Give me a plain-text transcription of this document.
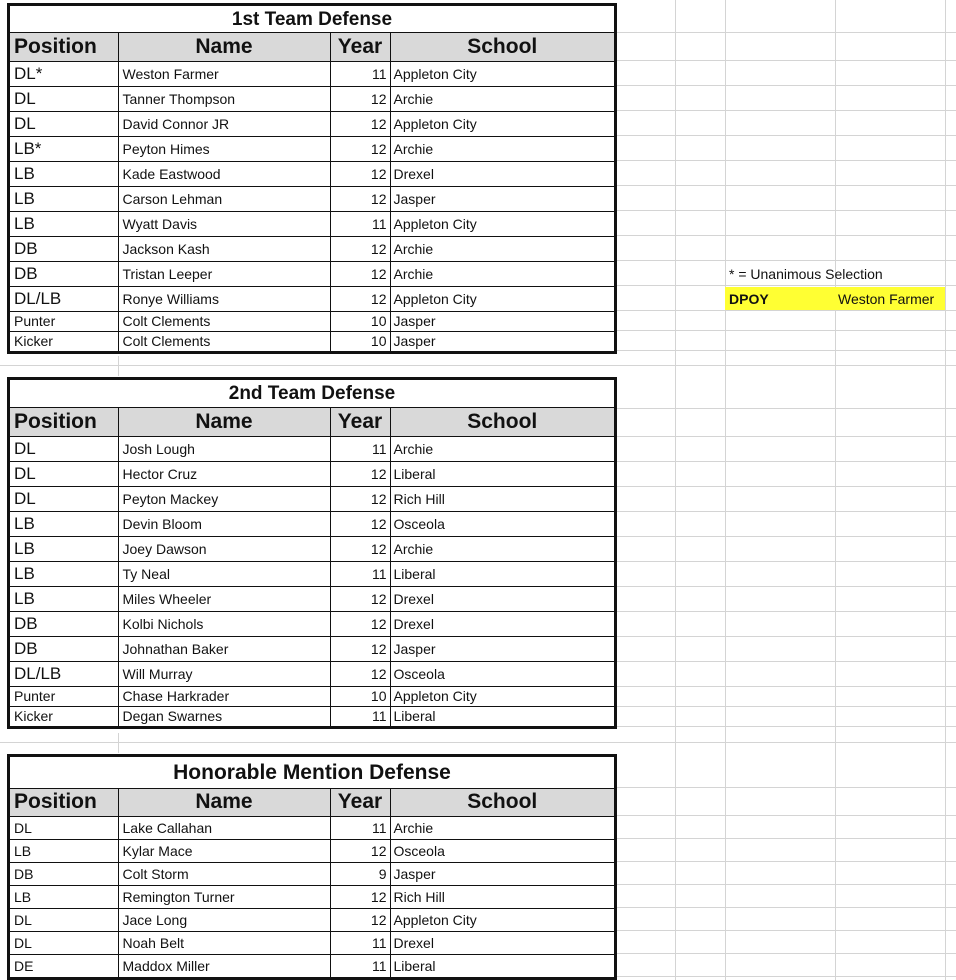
1st Team Defense
Position	Name	Year	School
DL*	Weston Farmer	11	Appleton City
DL	Tanner Thompson	12	Archie
DL	David Connor JR	12	Appleton City
LB*	Peyton Himes	12	Archie
LB	Kade Eastwood	12	Drexel
LB	Carson Lehman	12	Jasper
LB	Wyatt Davis	11	Appleton City
DB	Jackson Kash	12	Archie
DB	Tristan Leeper	12	Archie
DL/LB	Ronye Williams	12	Appleton City
Punter	Colt Clements	10	Jasper
Kicker	Colt Clements	10	Jasper
2nd Team Defense
Position	Name	Year	School
DL	Josh Lough	11	Archie
DL	Hector Cruz	12	Liberal
DL	Peyton Mackey	12	Rich Hill
LB	Devin Bloom	12	Osceola
LB	Joey Dawson	12	Archie
LB	Ty Neal	11	Liberal
LB	Miles Wheeler	12	Drexel
DB	Kolbi Nichols	12	Drexel
DB	Johnathan Baker	12	Jasper
DL/LB	Will Murray	12	Osceola
Punter	Chase Harkrader	10	Appleton City
Kicker	Degan Swarnes	11	Liberal
Honorable Mention Defense
Position	Name	Year	School
DL	Lake Callahan	11	Archie
LB	Kylar Mace	12	Osceola
DB	Colt Storm	9	Jasper
LB	Remington Turner	12	Rich Hill
DL	Jace Long	12	Appleton City
DL	Noah Belt	11	Drexel
DE	Maddox Miller	11	Liberal
* = Unanimous Selection
DPOY	Weston Farmer
